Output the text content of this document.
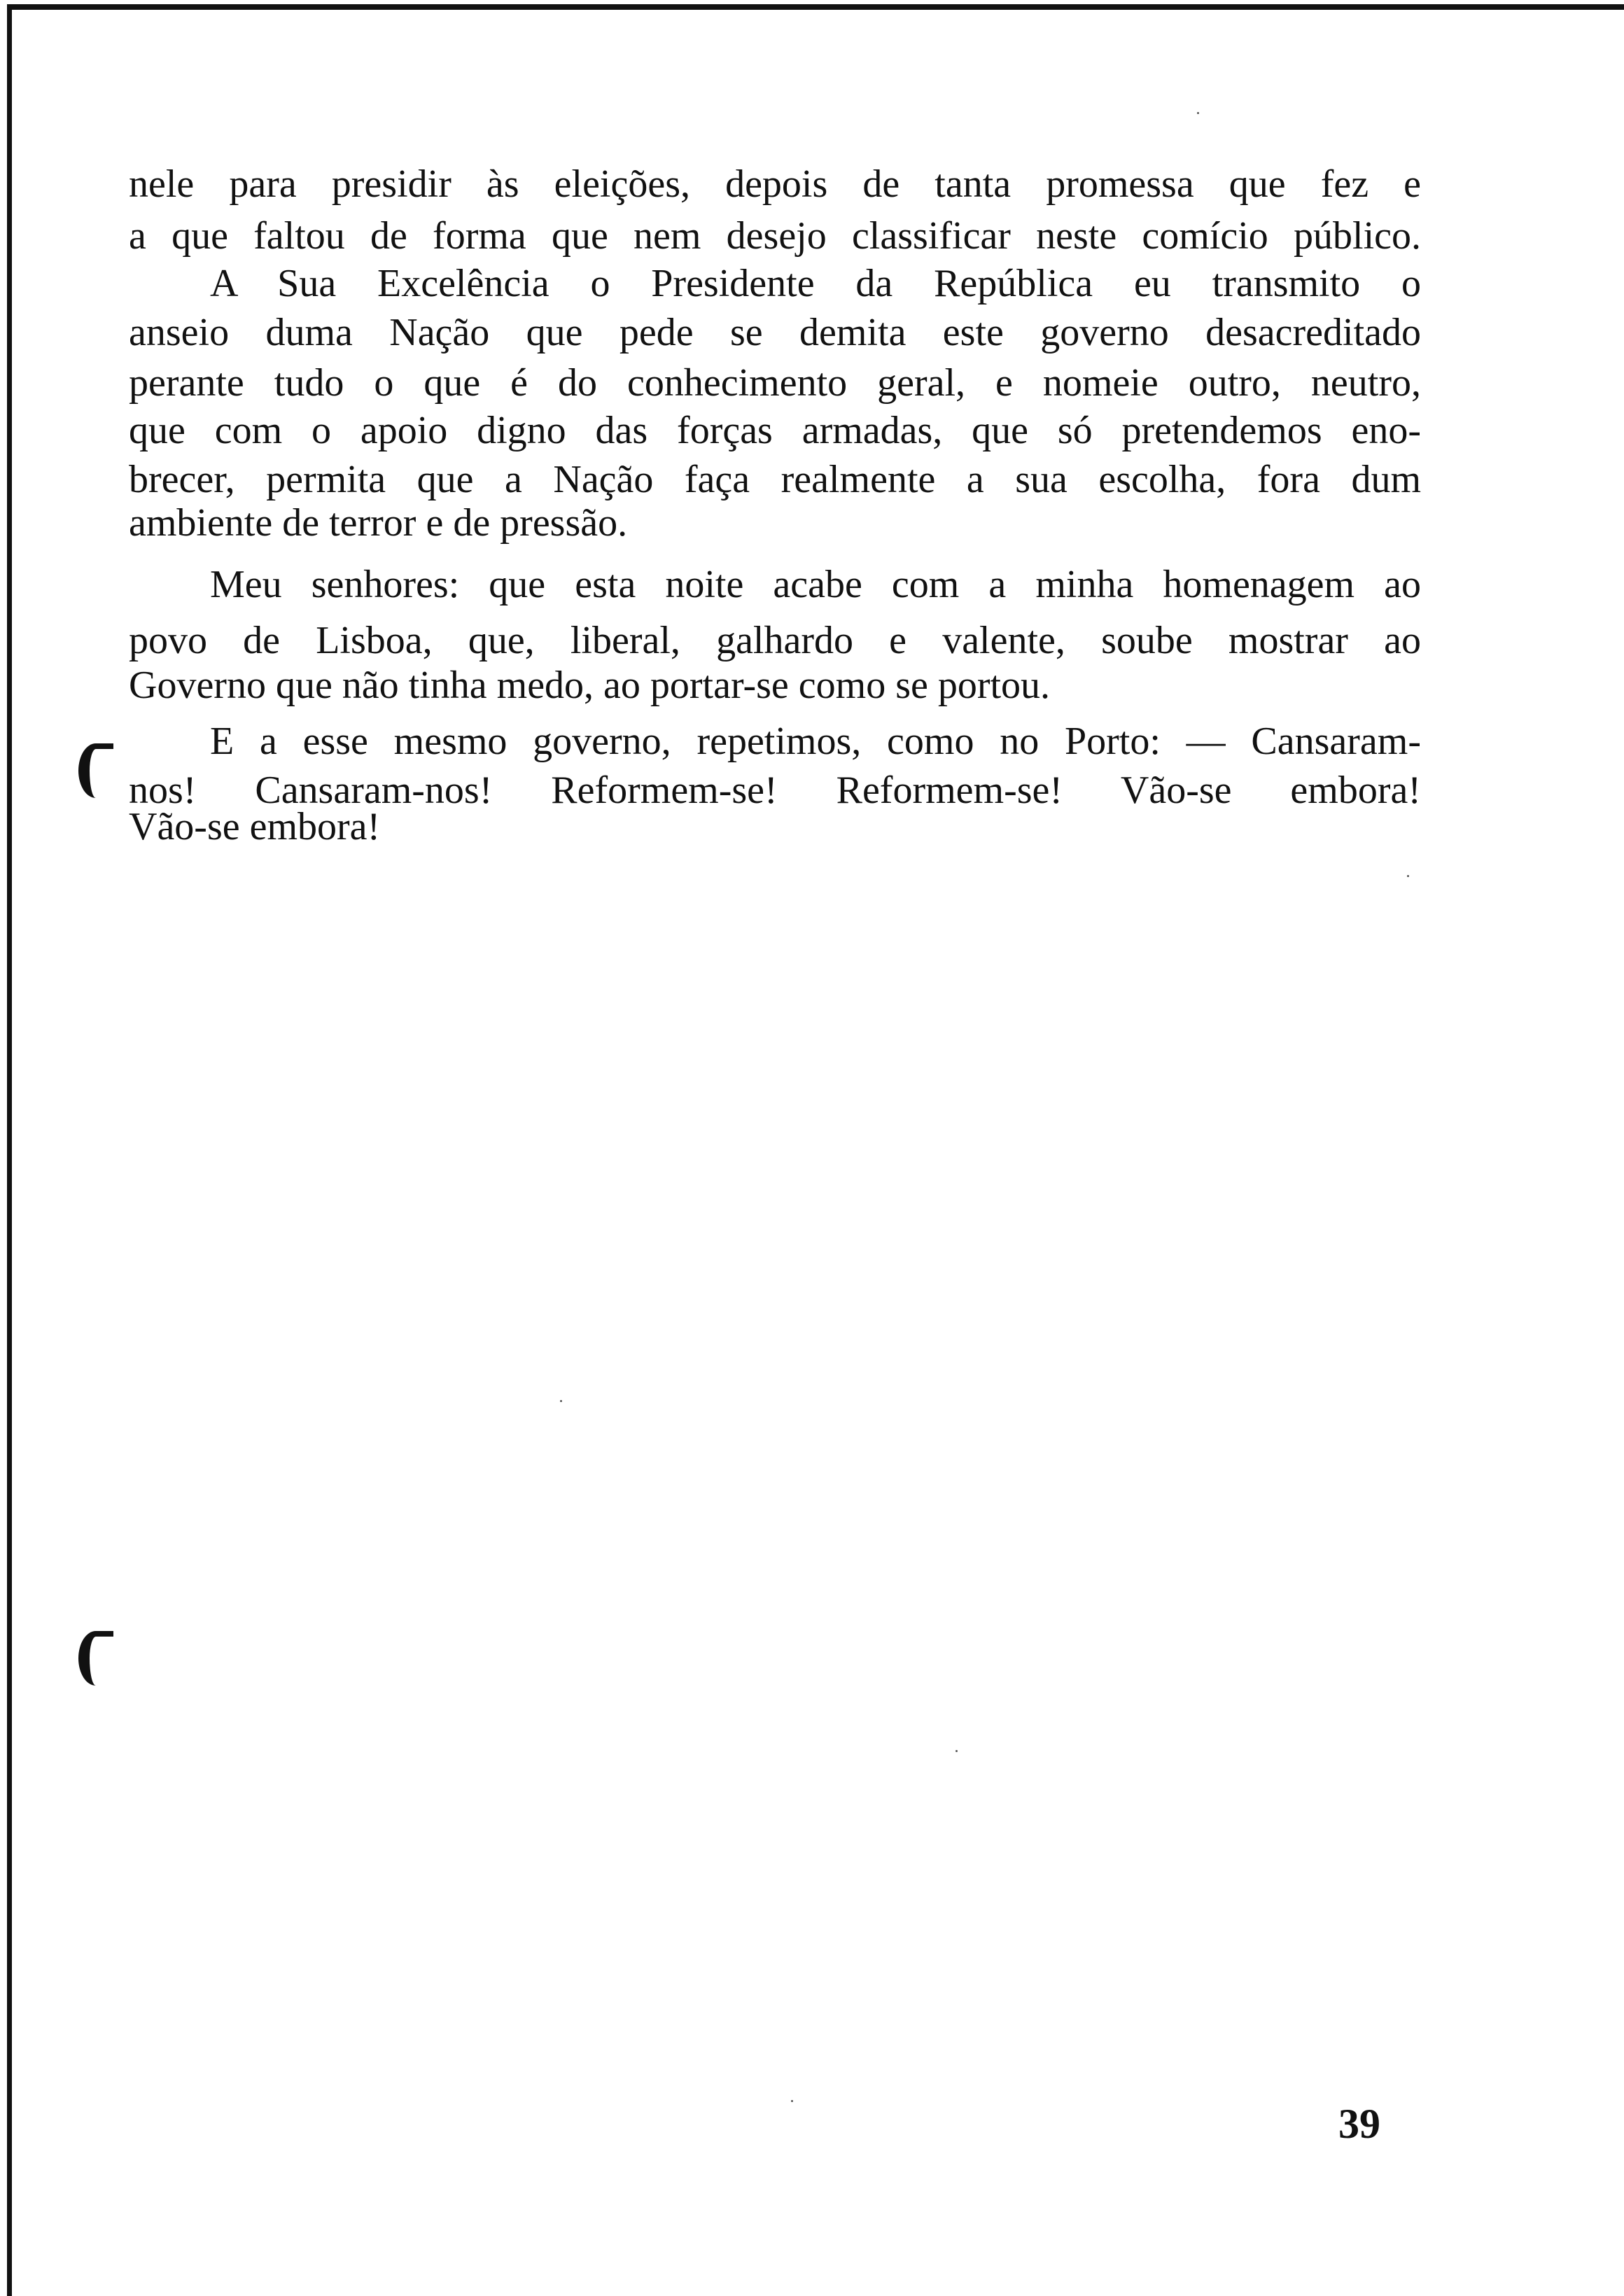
nele para presidir às eleições, depois de tanta promessa que fez e
a que faltou de forma que nem desejo classificar neste comício público.
A Sua Excelência o Presidente da República eu transmito o
anseio duma Nação que pede se demita este governo desacreditado
perante tudo o que é do conhecimento geral, e nomeie outro, neutro,
que com o apoio digno das forças armadas, que só pretendemos eno-
brecer, permita que a Nação faça realmente a sua escolha, fora dum
ambiente de terror e de pressão.
Meu senhores: que esta noite acabe com a minha homenagem ao
povo de Lisboa, que, liberal, galhardo e valente, soube mostrar ao
Governo que não tinha medo, ao portar-se como se portou.
E a esse mesmo governo, repetimos, como no Porto: — Cansaram-
nos! Cansaram-nos! Reformem-se! Reformem-se! Vão-se embora!
Vão-se embora!
39
